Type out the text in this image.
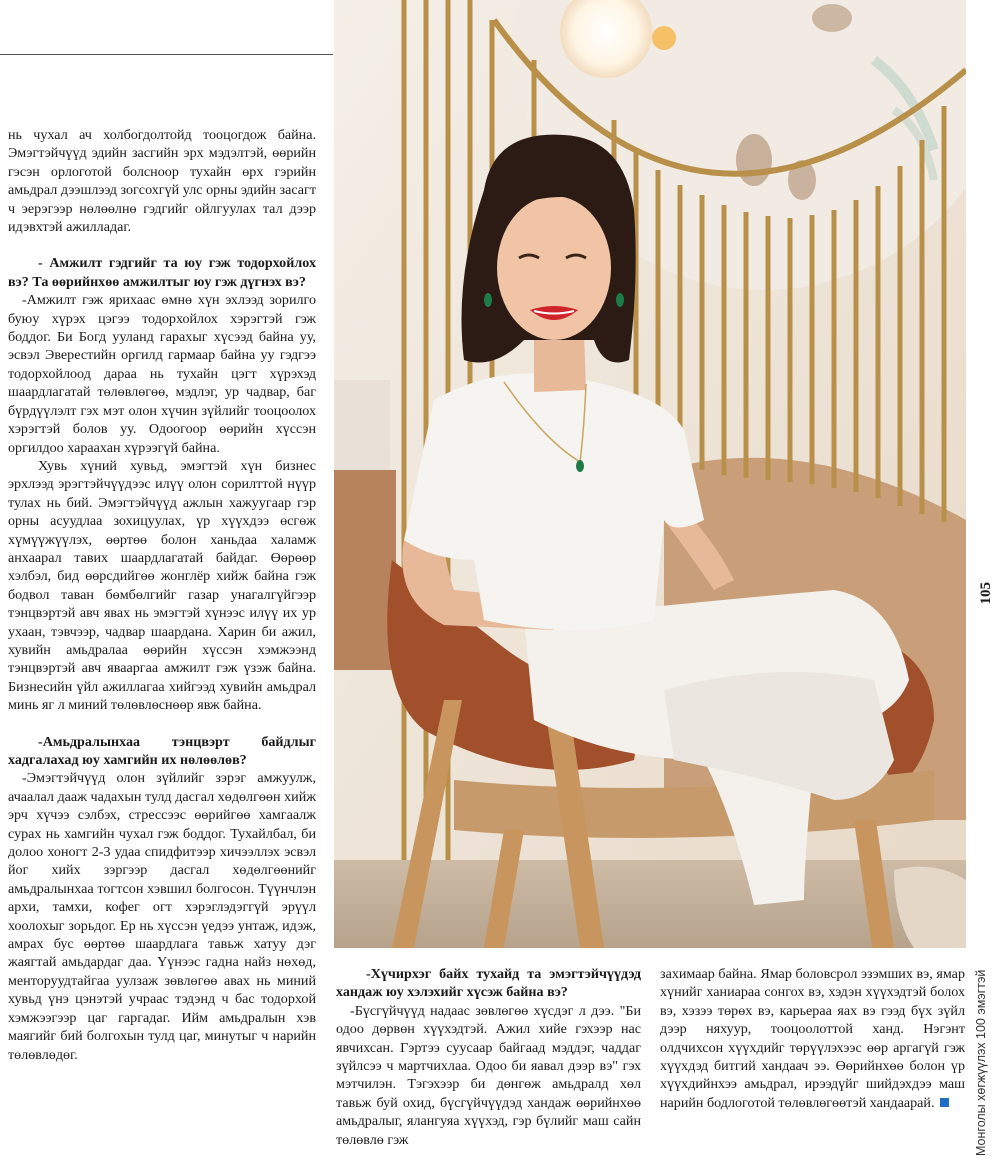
нь чухал ач холбогдолтойд тооцогдож байна. Эмэгтэйчүүд эдийн засгийн эрх мэдэлтэй, өөрийн гэсэн орлоготой болсноор тухайн өрх гэрийн амьдрал дээшлээд зогсохгүй улс орны эдийн засагт ч эерэгээр нөлөөлнө гэдгийг ойлгуулах тал дээр идэвхтэй ажилладаг.

- Амжилт гэдгийг та юу гэж тодорхойлох вэ? Та өөрийнхөө амжилтыг юу гэж дүгнэх вэ?

-Амжилт гэж ярихаас өмнө хүн эхлээд зорилго буюу хүрэх цэгээ тодорхойлох хэрэгтэй гэж боддог. Би Богд ууланд гарахыг хүсээд байна уу, эсвэл Эверестийн оргилд гармаар байна уу гэдгээ тодорхойлоод дараа нь тухайн цэгт хүрэхэд шаардлагатай төлөвлөгөө, мэдлэг, ур чадвар, баг бүрдүүлэлт гэх мэт олон хүчин зүйлийг тооцоолох хэрэгтэй болов уу. Одоогоор өөрийн хүссэн оргилдоо хараахан хүрээгүй байна.

Хувь хүний хувьд, эмэгтэй хүн бизнес эрхлээд эрэгтэйчүүдээс илүү олон сорилттой нүүр тулах нь бий. Эмэгтэйчүүд ажлын хажуугаар гэр орны асуудлаа зохицуулах, үр хүүхдээ өсгөж хүмүүжүүлэх, өөртөө болон ханьдаа халамж анхаарал тавих шаардлагатай байдаг. Өөрөөр хэлбэл, бид өөрсдийгөө жонглёр хийж байна гэж бодвол таван бөмбөлгийг газар унагалгүйгээр тэнцвэртэй авч явах нь эмэгтэй хүнээс илүү их ур ухаан, тэвчээр, чадвар шаардана. Харин би ажил, хувийн амьдралаа өөрийн хүссэн хэмжээнд тэнцвэртэй авч явааргаа амжилт гэж үзэж байна. Бизнесийн үйл ажиллагаа хийгээд хувийн амьдрал минь яг л миний төлөвлөснөөр явж байна.

-Амьдралынхаа тэнцвэрт байдлыг хадгалахад юу хамгийн их нөлөөлөв?

-Эмэгтэйчүүд олон зүйлийг зэрэг амжуулж, ачаалал дааж чадахын тулд дасгал хөдөлгөөн хийж эрч хүчээ сэлбэх, стрессээс өөрийгөө хамгаалж сурах нь хамгийн чухал гэж боддог. Тухайлбал, би долоо хоногт 2-3 удаа спидфитээр хичээллэх эсвэл йог хийх зэргээр дасгал хөдөлгөөнийг амьдралынхаа тогтсон хэвшил болгосон. Түүнчлэн архи, тамхи, кофег огт хэрэглэдэггүй эрүүл хоолохыг зорьдог. Ер нь хүссэн үедээ унтаж, идэж, амрах бус өөртөө шаардлага тавьж хатуу дэг жаягтай амьдардаг даа. Үүнээс гадна найз нөхөд, менторуудтайгаа уулзаж зөвлөгөө авах нь миний хувьд үнэ цэнэтэй учраас тэдэнд ч бас тодорхой хэмжээгээр цаг гаргадаг. Ийм амьдралын хэв маягийг бий болгохын тулд цаг, минутыг ч нарийн төлөвлөдөг.

-Хүчирхэг байх тухайд та эмэгтэйчүүдэд хандаж юу хэлэхийг хүсэж байна вэ?

-Бүсгүйчүүд надаас зөвлөгөө хүсдэг л дээ. "Би одоо дөрвөн хүүхэдтэй. Ажил хийе гэхээр нас явчихсан. Гэртээ суусаар байгаад мэддэг, чаддаг зүйлсээ ч мартчихлаа. Одоо би яавал дээр вэ" гэх мэтчилэн. Тэгэхээр би дөнгөж амьдралд хөл тавьж буй охид, бүсгүйчүүдэд хандаж өөрийнхөө амьдралыг, ялангуяа хүүхэд, гэр бүлийг маш сайн төлөвлө гэж

захимаар байна. Ямар боловсрол эзэмших вэ, ямар хүнийг ханиараа сонгох вэ, хэдэн хүүхэдтэй болох вэ, хэзээ төрөх вэ, карьераа яах вэ гээд бүх зүйл дээр няхуур, тооцоолоттой ханд. Нэгэнт олдчихсон хүүхдийг төрүүлэхээс өөр аргагүй гэж хүүхдэд битгий хандаач ээ. Өөрийнхөө болон үр хүүхдийнхээ амьдрал, ирээдүйг шийдэхдээ маш нарийн бодлоготой төлөвлөгөөтэй хандаарай.

105
Монголы хөгжүүлэх 100 эмэгтэй
